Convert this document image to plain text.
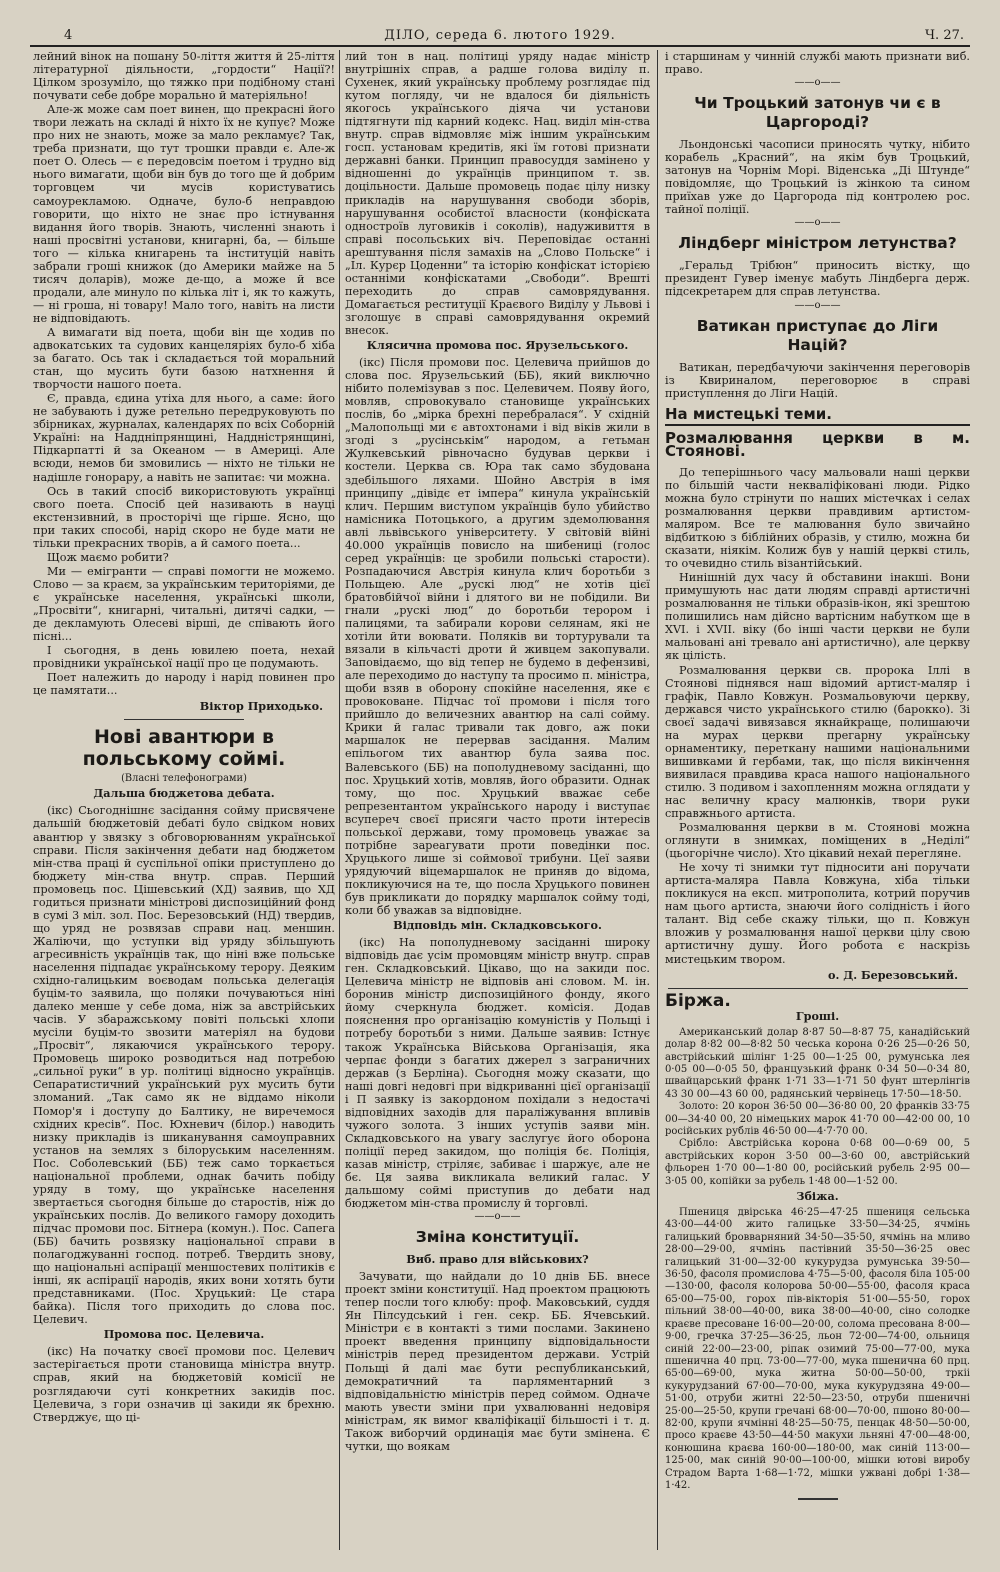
4	ДІЛО, середа 6. лютого 1929.	Ч. 27.

лейний вінок на пошану 50-ліття життя й 25-ліття літературної діяльности, „гордости“ Нації?! Цілком зрозуміло, що тяжко при подібному стані почувати себе добре морально й матеріяльно!

Але-ж може сам поет винен, що прекрасні його твори лежать на складі й ніхто їх не купує? Може про них не знають, може за мало рекламує? Так, треба признати, що тут трошки правди є. Але-ж поет О. Олесь — є передовсім поетом і трудно від нього вимагати, щоби він був до того ще й добрим торговцем чи мусів користуватись самоурекламою. Одначе, було-б неправдою говорити, що ніхто не знає про істнування видання його творів. Знають, численні знають і наші просвітні установи, книгарні, ба, — більше того — кілька книгарень та інституцій навіть забрали гроші книжок (до Америки майже на 5 тисяч доларів), може де-що, а може й все продали, але минуло по кілька літ і, як то кажуть, — ні гроша, ні товару! Мало того, навіть на листи не відповідають.

А вимагати від поета, щоби він ще ходив по адвокатських та судових канцеляріях було-б хіба за багато. Ось так і складається той моральний стан, що мусить бути базою натхнення й творчости нашого поета.

Є, правда, єдина утіха для нього, а саме: його не забувають і дуже ретельно передруковують по збірниках, журналах, календарях по всіх Соборній Україні: на Наддніпрянщині, Наддністрянщині, Підкарпатті й за Океаном — в Америці. Але всюди, немов би змовились — ніхто не тільки не надішле гонорару, а навіть не запитає: чи можна.

Ось в такий спосіб використовують українці свого поета. Спосіб цей називають в науці екстензивний, в просторічі ще гірше. Ясно, що при таких способі, нарід скоро не буде мати не тільки прекрасних творів, а й самого поета...

Щож маємо робити?

Ми — емігранти — справі помогти не можемо. Слово — за краєм, за українським територіями, де є українське населення, українські школи, „Просвіти“, книгарні, читальні, дитячі садки, — де декламують Олесеві вірші, де співають його пісні...

І сьогодня, в день ювилею поета, нехай провідники української нації про це подумають.

Поет належить до народу і нарід повинен про це памятати...

Віктор Приходько.

Нові авантюри в польському соймі.
(Власні телефонограми)
Дальша бюджетова дебата.

(ікс) Сьогоднішнє засідання сойму присвячене дальшій бюджетовій дебаті було свідком нових авантюр у звязку з обговорюванням української справи. Після закінчення дебати над бюджетом мін-ства праці й суспільної опіки приступлено до бюджету мін-ства внутр. справ. Перший промовець пос. Цішевський (ХД) заявив, що ХД годиться признати міністрові диспозиційний фонд в сумі 3 міл. зол. Пос. Березовський (НД) твердив, що уряд не розвязав справи нац. меншин. Жаліючи, що уступки від уряду збільшують агресивність українців так, що ніні вже польське населення підпадає українському терору. Деяким східно-галицьким воєводам польська делегація буцім-то заявила, що поляки почуваються ніні далеко менше у себе дома, ніж за австрійських часів. У збаражському повіті польські хлопи мусіли буцім-то звозити матеріял на будови „Просвіт“, лякаючися українського терору. Промовець широко розводиться над потребою „сильної руки“ в ур. політиці відносно українців. Сепаратистичний український рух мусить бути зломаний. „Так само як не віддамо ніколи Помор'я і доступу до Балтику, не виречемося східних кресів“. Пос. Юхневич (білор.) наводить низку прикладів із шиканування самоуправних установ на землях з білоруським населенням. Пос. Соболевський (ББ) теж само торкається національної проблеми, однак бачить побіду уряду в тому, що українське населення звертається сьогодня більше до старостів, ніж до українських послів. До великого гамору доходить підчас промови пос. Бітнера (комун.). Пос. Сапега (ББ) бачить розвязку національної справи в полагоджуванні господ. потреб. Твердить знову, що національні аспірації меншостевих політиків є інші, як аспірації народів, яких вони хотять бути представниками. (Пос. Хруцький: Це стара байка). Після того приходить до слова пос. Целевич.

Промова пос. Целевича.

(ікс) На початку своєї промови пос. Целевич застерігається проти становища міністра внутр. справ, який на бюджетовій комісії не розглядаючи суті конкретних закидів пос. Целевича, з гори означив ці закиди як брехню. Стверджує, що ці-

лий тон в нац. політиці уряду надає міністр внутрішніх справ, а радше голова виділу п. Сухенек, який українську проблему розглядає під кутом погляду, чи не вдалося би діяльність якогось українського діяча чи установи підтягнути під карний кодекс. Нац. виділ мін-ства внутр. справ відмовляє між іншим українським госп. установам кредитів, які їм готові признати державні банки. Принцип правосуддя замінено у відношенні до українців принципом т. зв. доцільности. Дальше промовець подає цілу низку прикладів на нарушування свободи зборів, нарушування особистої власности (конфіската одностроїв луговиків і соколів), надуживиття в справі посольських віч. Переповідає останні арештування після замахів на „Слово Польске“ і „Іл. Курєр Цоденни“ та історію конфіскат історією останніми конфіскатами „Свободи“. Врешті переходить до справ самоврядування. Домагається реституції Краєвого Виділу у Львові і зголошує в справі самоврядування окремий внесок.

Клясична промова пос. Ярузельського.

(ікс) Після промови пос. Целевича прийшов до слова пос. Ярузельський (ББ), який виключно нібито полемізував з пос. Целевичем. Появу його, мовляв, спровокувало становище українських послів, бо „мірка брехні перебралася“. У східній „Малопольщі ми є автохтонами і від віків жили в згоді з „русінськім“ народом, а гетьман Жулкевський рівночасно будував церкви і костели. Церква св. Юра так само збудована здебільшого ляхами. Шойно Австрія в імя принципу „дівідє ет імпера“ кинула українській клич. Першим виступом українців було убийство намісника Потоцького, а другим здемолювання авлі львівського університету. У світовій війні 40.000 українців повисло на шибениці (голос серед українців: це зробили польські старости). Розпадаючися Австрія кинула клич боротьби з Польщею. Але „рускі люд“ не хотів цієї братовбійчої війни і длятого ви не побідили. Ви гнали „рускі люд“ до боротьби терором і палицями, та забирали корови селянам, які не хотіли йти воювати. Поляків ви тортурували та вязали в кільчасті дроти й живцем закопували. Заповідаємо, що від тепер не будемо в дефензиві, але переходимо до наступу та просимо п. міністра, щоби взяв в оборону спокійне населення, яке є провоковане. Підчас тої промови і після того прийшло до величезних авантюр на салі сойму. Крики й галас тривали так довго, аж поки маршалок не перервав засідання. Малим епільогом тих авантюр була заява пос. Валевського (ББ) на пополудневому засіданні, що пос. Хруцький хотів, мовляв, його образити. Однак тому, що пос. Хруцький вважає себе репрезентантом українського народу і виступає всупереч своєї присяги часто проти інтересів польської держави, тому промовець уважає за потрібне зареагувати проти поведінки пос. Хруцького лише зі соймової трибуни. Цеї заяви урядуючий віцемаршалок не приняв до відома, покликуючися на те, що посла Хруцького повинен був прикликати до порядку маршалок сойму тоді, коли бб уважав за відповідне.

Відповідь мін. Складковського.

(ікс) На пополудневому засіданні широку відповідь дає усім промовцям міністр внутр. справ ген. Складковський. Цікаво, що на закиди пос. Целевича міністр не відповів ані словом. М. ін. боронив міністр диспозиційного фонду, якого йому счеркнула бюджет. комісія. Додав пояснення про організацію комуністів у Польщі і потребу боротьби з ними. Дальше заявив: Істнує також Українська Військова Організація, яка черпає фонди з багатих джерел з заграничних держав (з Берліна). Сьогодня можу сказати, що наші довгі недовгі при відкриванні цієї організації і П заявку із закордоном похідали з недостачі відповідних заходів для параліжування впливів чужого золота. З інших уступів заяви мін. Складковського на увагу заслугує його оборона поліції перед закидом, що поліція бє. Поліція, казав міністр, стріляє, забиває і шаржує, але не бє. Ця заява викликала великий галас. У дальшому соймі приступив до дебати над бюджетом мін-ства промислу й торговлі.

——o——
Зміна конституції.
Виб. право для військових?

Зачувати, що найдали до 10 днів ББ. внесе проект зміни конституції. Над проектом працюють тепер посли того клюбу: проф. Маковський, суддя Ян Пілсудський і ген. секр. ББ. Ячевський. Міністри є в контакті з тими послами. Закинено проект введення принципу відповідальности міністрів перед президентом держави. Устрій Польщі й далі має бути республиканський, демократичний та парляментарний з відповідальністю міністрів перед соймом. Одначе мають увести зміни при ухвалюванні недовіря міністрам, як вимог кваліфікації більшості і т. д. Також виборчий ординація має бути змінена. Є чутки, що воякам

і старшинам у чинній службі мають признати виб. право.

——o——
Чи Троцький затонув чи є в Царгороді?

Льондонські часописи приносять чутку, нібито корабель „Красний“, на якім був Троцький, затонув на Чорнім Морі. Віденська „Ді Штунде“ повідомляє, що Троцький із жінкою та сином приїхав уже до Царгорода під контролею рос. тайної поліції.

——o——
Ліндберг міністром летунства?

„Геральд Трібюн“ приносить вістку, що президент Гувер іменує мабуть Ліндберга держ. підсекретарем для справ летунства.

——o——
Ватикан приступає до Ліги Націй?

Ватикан, передбачуючи закінчення переговорів із Квириналом, переговорює в справі приступлення до Ліги Націй.

На мистецькі теми.
Розмалювання церкви в м. Стоянові.

До теперішнього часу мальовали наші церкви по більшій части некваліфіковані люди. Рідко можна було стрінути по наших містечках і селах розмалювання церкви правдивим артистом-маляром. Все те малювання було звичайно відбиткою з біблійних образів, у стилю, можна би сказати, ніякім. Колиж був у нашій церкві стиль, то очевидно стиль візантійський.

Нинішній дух часу й обставини інакші. Вони примушують нас дати людям справді артистичні розмалювання не тільки образів-ікон, які зрештою полишились нам дійсно вартісним набутком ще в XVI. і XVII. віку (бо інші части церкви не були мальовані ані тревало ані артистично), але церкву як цілість.

Розмалювання церкви св. пророка Іллі в Стоянові піднявся наш відомий артист-маляр і графік, Павло Ковжун. Розмальовуючи церкву, держався чисто українського стилю (барокко). Зі своєї задачі вивязався якнайкраще, полишаючи на мурах церкви прегарну українську орнаментику, переткану нашими національними вишивками й гербами, так, що після викінчення виявилася правдива краса нашого національного стилю. З подивом і захопленням можна оглядати у нас величну красу малюнків, твори руки справжнього артиста.

Розмалювання церкви в м. Стоянові можна оглянути в знимках, поміщених в „Неділі“ (цьогорічне число). Хто цікавий нехай перегляне.

Не хочу ті знимки тут підносити ані поручати артиста-маляра Павла Ковжуна, хіба тільки покликуся на експ. митрополита, котрий поручив нам цього артиста, знаючи його солідність і його талант. Від себе скажу тільки, що п. Ковжун вложив у розмалювання нашої церкви цілу свою артистичну душу. Його робота є наскрізь мистецьким твором.

о. Д. Березовський.

Біржа.
Гроші.

Американський долар 8·87 50—8·87 75, канадійський долар 8·82 00—8·82 50 чеська корона 0·26 25—0·26 50, австрійський шілінг 1·25 00—1·25 00, румунська лея 0·05 00—0·05 50, французький франк 0·34 50—0·34 80, швайцарський франк 1·71 33—1·71 50 фунт штерлінгів 43 30 00—43 60 00, радянський червінець 17·50—18·50.

Золото: 20 корон 36·50 00—36·80 00, 20 франків 33·75 00—34·40 00, 20 німецьких марок 41·70 00—42·00 00, 10 російських рублів 46·50 00—4·7·70 00.

Срібло: Австрійська корона 0·68 00—0·69 00, 5 австрійських корон 3·50 00—3·60 00, австрійський фльорен 1·70 00—1·80 00, російський рубель 2·95 00—3·05 00, копійки за рубель 1·48 00—1·52 00.

Збіжа.

Пшениця двірська 46·25—47·25 пшениця сельська 43·00—44·00 жито галицьке 33·50—34·25, ячмінь галицький бровварняний 34·50—35·50, ячмінь на мливо 28·00—29·00, ячмінь пастівний 35·50—36·25 овес галицький 31·00—32·00 кукурудза румунська 39·50—36·50, фасоля промислова 4·75—5·00, фасоля біла 105·00—130·00, фасоля колорова 50·00—55·00, фасоля краса 65·00—75·00, горох пів-вікторія 51·00—55·50, горох пільний 38·00—40·00, вика 38·00—40·00, сіно солодке краєве пресоване 16·00—20·00, солома пресована 8·00—9·00, гречка 37·25—36·25, льон 72·00—74·00, ольниця синій 22·00—23·00, ріпак озимий 75·00—77·00, мука пшенична 40 прц. 73·00—77·00, мука пшенична 60 прц. 65·00—69·00, мука житна 50·00—50·00, тркіі кукурудзаний 67·00—70·00, мука кукурудзяна 49·00—51·00, отруби житні 22·50—23·50, отруби пшеничні 25·00—25·50, крупи гречані 68·00—70·00, пшоно 80·00—82·00, крупи ячмінні 48·25—50·75, пенцак 48·50—50·00, просо краєве 43·50—44·50 макухи льняні 47·00—48·00, конюшина краєва 160·00—180·00, мак синій 113·00—125·00, мак синій 90·00—100·00, мішки ютові виробу Страдом Варта 1·68—1·72, мішки ужвані добрі 1·38—1·42.
